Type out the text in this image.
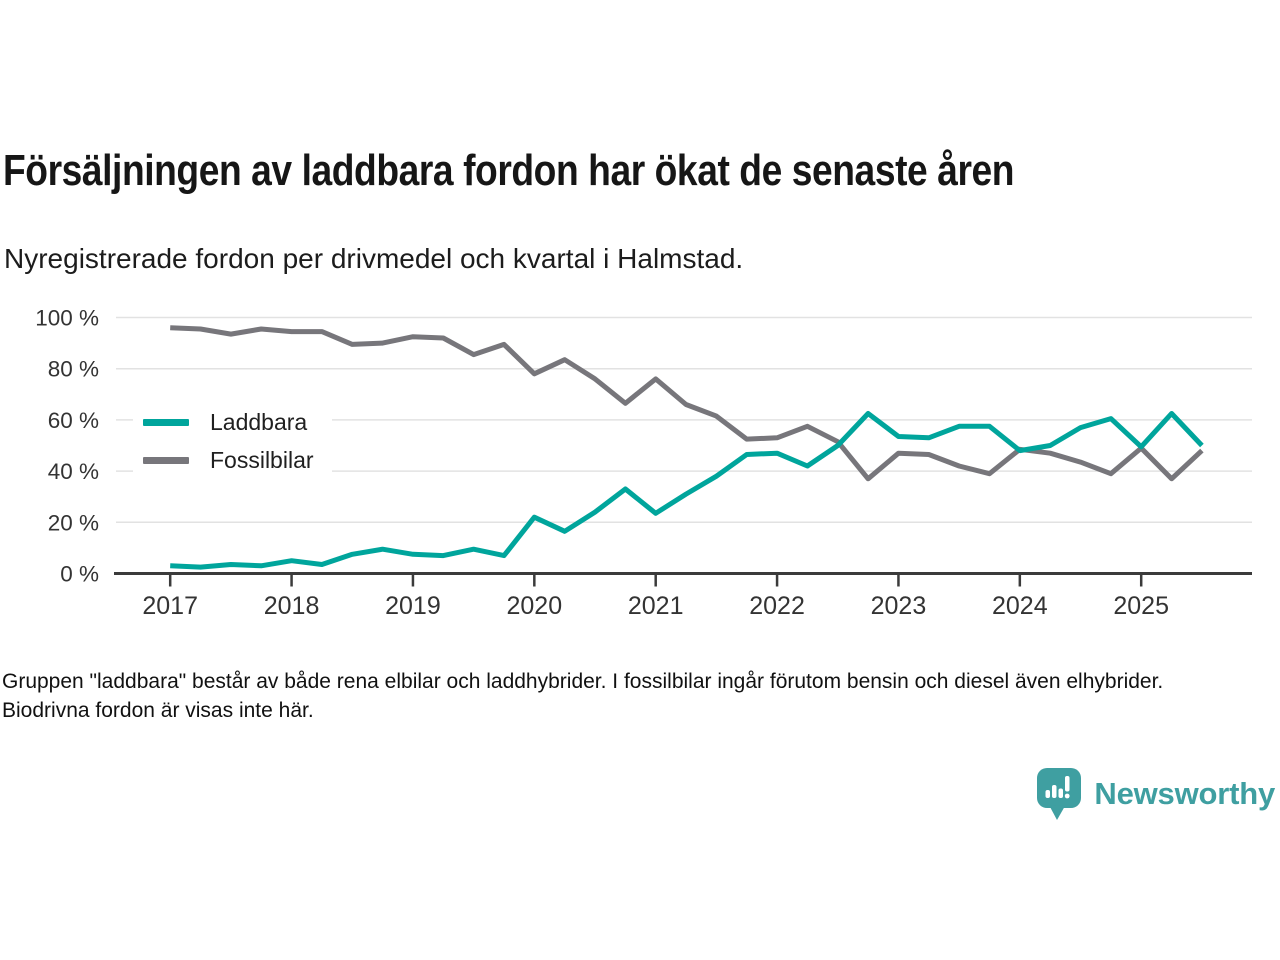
Försäljningen av laddbara fordon har ökat de senaste åren

Nyregistrerade fordon per drivmedel och kvartal i Halmstad.

0 %
20 %
40 %
60 %
80 %
100 %
2017	2018	2019	2020	2021	2022	2023	2024	2025
Laddbara
Fossilbilar

Gruppen "laddbara" består av både rena elbilar och laddhybrider. I fossilbilar ingår förutom bensin och diesel även elhybrider. Biodrivna fordon är visas inte här.

Newsworthy
